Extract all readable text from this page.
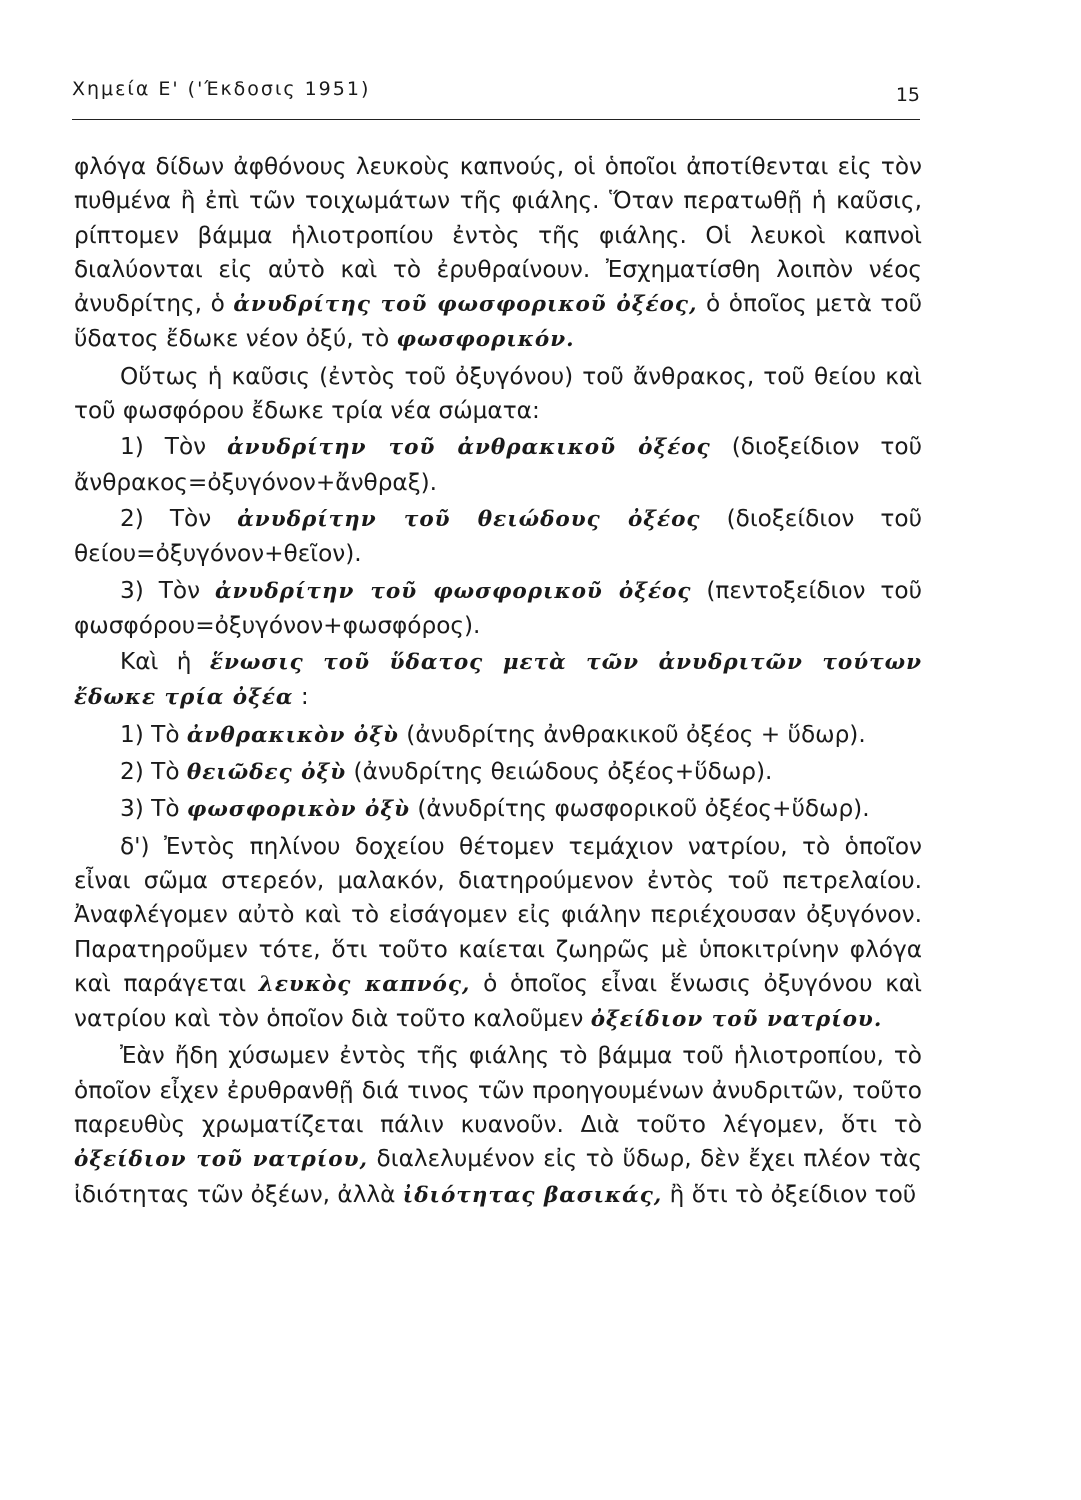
Χημεία Ε' ('Έκδοσις 1951)	15

φλόγα δίδων ἀφθόνους λευκοὺς καπνούς, οἱ ὁποῖοι ἀποτίθενται εἰς τὸν πυθμένα ἢ ἐπὶ τῶν τοιχωμάτων τῆς φιάλης. Ὅταν περατωθῇ ἡ καῦσις, ρίπτομεν βάμμα ἡλιοτροπίου ἐντὸς τῆς φιάλης. Οἱ λευκοὶ καπνοὶ διαλύονται εἰς αὐτὸ καὶ τὸ ἐρυθραίνουν. Ἐσχηματίσθη λοιπὸν νέος ἀνυδρίτης, ὁ ἀνυδρίτης τοῦ φωσφορικοῦ ὀξέος, ὁ ὁποῖος μετὰ τοῦ ὕδατος ἔδωκε νέον ὀξύ, τὸ φωσφορικόν.

Οὕτως ἡ καῦσις (ἐντὸς τοῦ ὀξυγόνου) τοῦ ἄνθρακος, τοῦ θείου καὶ τοῦ φωσφόρου ἔδωκε τρία νέα σώματα:

1) Τὸν ἀνυδρίτην τοῦ ἀνθρακικοῦ ὀξέος (διοξείδιον τοῦ ἄνθρακος=ὀξυγόνον+ἄνθραξ).

2) Τὸν ἀνυδρίτην τοῦ θειώδους ὀξέος (διοξείδιον τοῦ θείου=ὀξυγόνον+θεῖον).

3) Τὸν ἀνυδρίτην τοῦ φωσφορικοῦ ὀξέος (πεντοξείδιον τοῦ φωσφόρου=ὀξυγόνον+φωσφόρος).

Καὶ ἡ ἕνωσις τοῦ ὕδατος μετὰ τῶν ἀνυδριτῶν τούτων ἔδωκε τρία ὀξέα :

1) Τὸ ἀνθρακικὸν ὀξὺ (ἀνυδρίτης ἀνθρακικοῦ ὀξέος + ὕδωρ).

2) Τὸ θειῶδες ὀξὺ (ἀνυδρίτης θειώδους ὀξέος+ὕδωρ).

3) Τὸ φωσφορικὸν ὀξὺ (ἀνυδρίτης φωσφορικοῦ ὀξέος+ὕδωρ).

δ') Ἐντὸς πηλίνου δοχείου θέτομεν τεμάχιον νατρίου, τὸ ὁποῖον εἶναι σῶμα στερεόν, μαλακόν, διατηρούμενον ἐντὸς τοῦ πετρελαίου. Ἀναφλέγομεν αὐτὸ καὶ τὸ εἰσάγομεν εἰς φιάλην περιέχουσαν ὀξυγόνον. Παρατηροῦμεν τότε, ὅτι τοῦτο καίεται ζωηρῶς μὲ ὑποκιτρίνην φλόγα καὶ παράγεται λευκὸς καπνός, ὁ ὁποῖος εἶναι ἕνωσις ὀξυγόνου καὶ νατρίου καὶ τὸν ὁποῖον διὰ τοῦτο καλοῦμεν ὀξείδιον τοῦ νατρίου.

Ἐὰν ἤδη χύσωμεν ἐντὸς τῆς φιάλης τὸ βάμμα τοῦ ἡλιοτροπίου, τὸ ὁποῖον εἶχεν ἐρυθρανθῇ διά τινος τῶν προηγουμένων ἀνυδριτῶν, τοῦτο παρευθὺς χρωματίζεται πάλιν κυανοῦν. Διὰ τοῦτο λέγομεν, ὅτι τὸ ὀξείδιον τοῦ νατρίου, διαλελυμένον εἰς τὸ ὕδωρ, δὲν ἔχει πλέον τὰς ἰδιότητας τῶν ὀξέων, ἀλλὰ ἰδιότητας βασικάς, ἢ ὅτι τὸ ὀξείδιον τοῦ
